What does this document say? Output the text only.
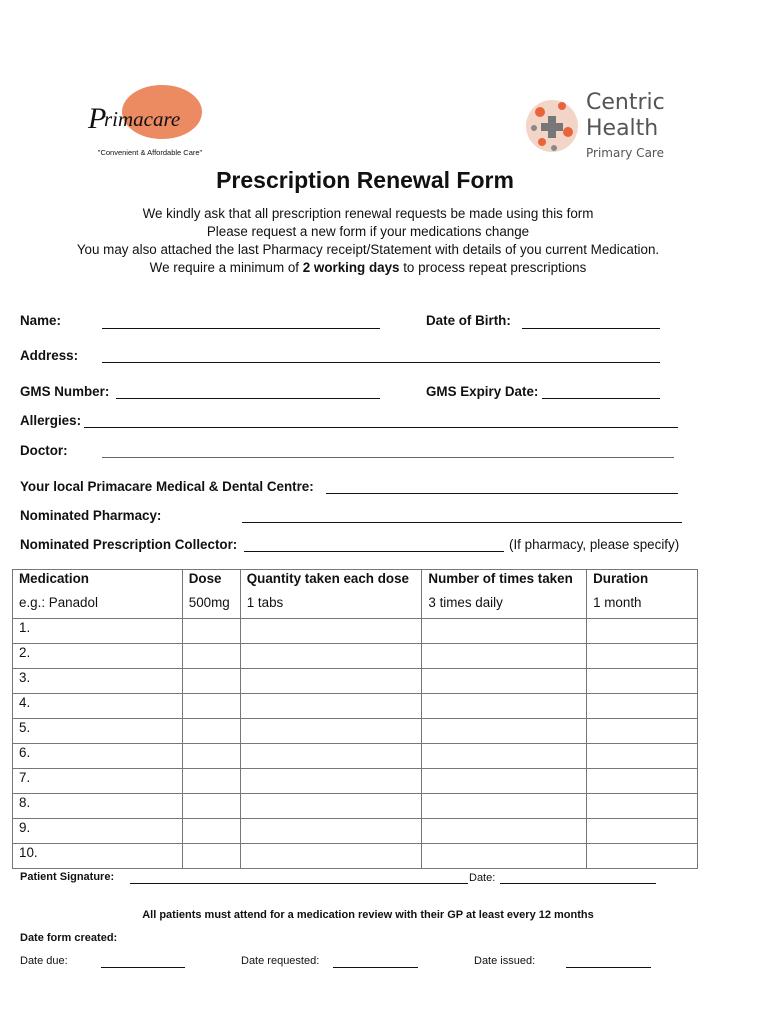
P
rimacare
"Convenient & Affordable Care"
Centric
Health
Primary Care
Prescription Renewal Form
We kindly ask that all prescription renewal requests be made using this form
Please request a new form if your medications change
You may also attached the last Pharmacy receipt/Statement with details of you current Medication.
We require a minimum of 2 working days to process repeat prescriptions
Name:	Date of Birth:
Address:
GMS Number:	GMS Expiry Date:
Allergies:
Doctor:
Your local Primacare Medical & Dental Centre:
Nominated Pharmacy:
Nominated Prescription Collector:	(If pharmacy, please specify)
Medication	Dose	Quantity taken each dose	Number of times taken	Duration
e.g.: Panadol	500mg	1 tabs	3 times daily	1 month
1.				
2.				
3.				
4.				
5.				
6.				
7.				
8.				
9.				
10.				
Patient Signature:	Date:
All patients must attend for a medication review with their GP at least every 12 months
Date form created:
Date due:	Date requested:	Date issued:
